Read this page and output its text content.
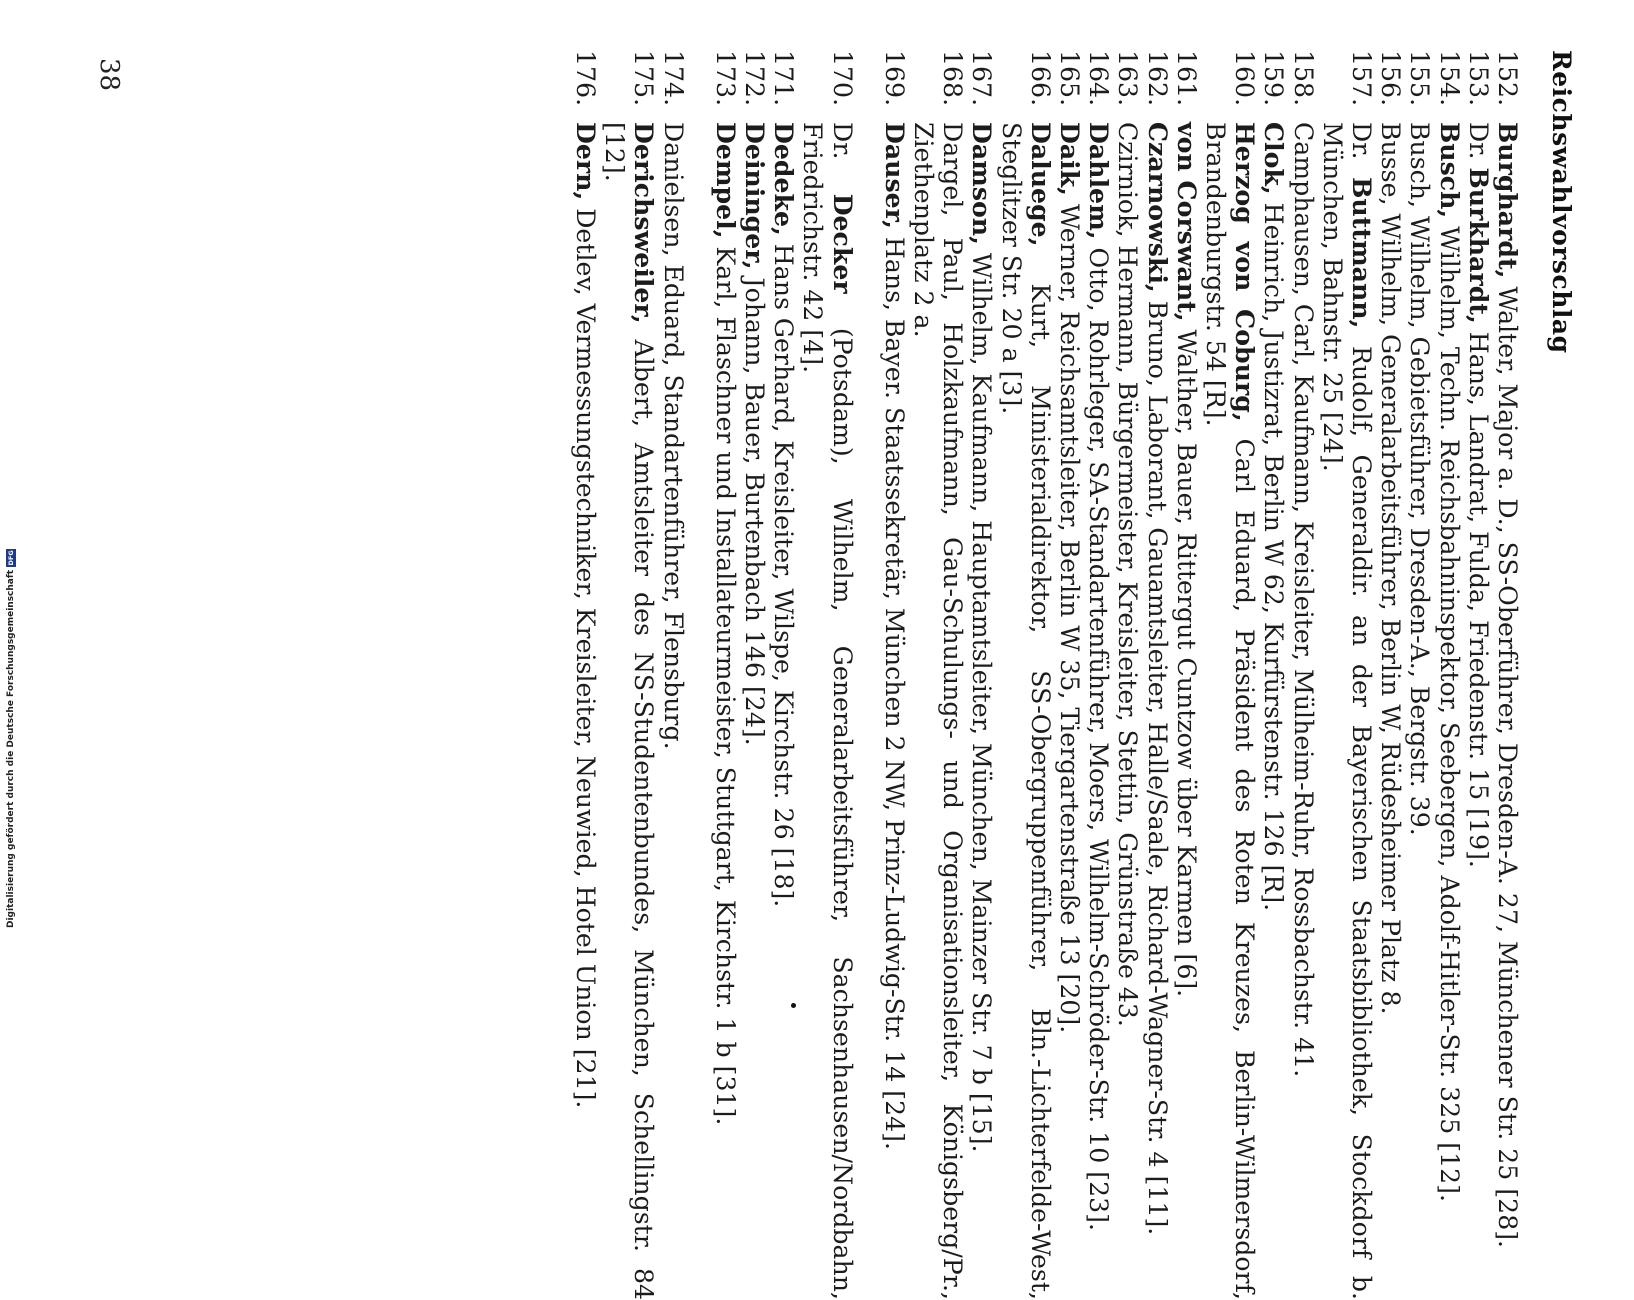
Reichswahlvorschlag
152.
Burghardt, Walter, Major a. D., SS-Oberführer, Dresden-A. 27, Münchener Str. 25 [28].
153.
Dr. Burkhardt, Hans, Landrat, Fulda, Friedenstr. 15 [19].
154.
Busch, Wilhelm, Techn. Reichsbahninspektor, Seebergen, Adolf-Hitler-Str. 325 [12].
155.
Busch, Wilhelm, Gebietsführer, Dresden-A., Bergstr. 39.
156.
Busse, Wilhelm, Generalarbeitsführer, Berlin W, Rüdesheimer Platz 8.
157.
Dr. Buttmann, Rudolf, Generaldir. an der Bayerischen Staatsbibliothek, Stockdorf b. München, Bahnstr. 25 [24].
158.
Camphausen, Carl, Kaufmann, Kreisleiter, Mülheim-Ruhr, Rossbachstr. 41.
159.
Clok, Heinrich, Justizrat, Berlin W 62, Kurfürstenstr. 126 [R].
160.
Herzog von Coburg, Carl Eduard, Präsident des Roten Kreuzes, Berlin-Wilmersdorf, Brandenburgstr. 54 [R].
161.
von Corswant, Walther, Bauer, Rittergut Cuntzow über Karmen [6].
162.
Czarnowski, Bruno, Laborant, Gauamtsleiter, Halle/Saale, Richard-Wagner-Str. 4 [11].
163.
Czirniok, Hermann, Bürgermeister, Kreisleiter, Stettin, Grünstraße 43.
164.
Dahlem, Otto, Rohrleger, SA-Standartenführer, Moers, Wilhelm-Schröder-Str. 10 [23].
165.
Daik, Werner, Reichsamtsleiter, Berlin W 35, Tiergartenstraße 13 [20].
166.
Daluege, Kurt, Ministerialdirektor, SS-Obergruppenführer, Bln.-Lichterfelde-West, Steglitzer Str. 20 a [3].
167.
Damson, Wilhelm, Kaufmann, Hauptamtsleiter, München, Mainzer Str. 7 b [15].
168.
Dargel, Paul, Holzkaufmann, Gau-Schulungs- und Organisationsleiter, Königsberg/Pr., Ziethenplatz 2 a.
169.
Dauser, Hans, Bayer. Staatssekretär, München 2 NW, Prinz-Ludwig-Str. 14 [24].
170.
Dr. Decker (Potsdam), Wilhelm, Generalarbeitsführer, Sachsenhausen/Nordbahn, Friedrichstr. 42 [4].
171.
Dedeke, Hans Gerhard, Kreisleiter, Wilspe, Kirchstr. 26 [18].
172.
Deininger, Johann, Bauer, Burtenbach 146 [24].
173.
Dempel, Karl, Flaschner und Installateurmeister, Stuttgart, Kirchstr. 1 b [31].
174.
Danielsen, Eduard, Standartenführer, Flensburg.
175.
Derichsweiler, Albert, Amtsleiter des NS-Studentenbundes, München, Schellingstr. 84 [12].
176.
Dern, Detlev, Vermessungstechniker, Kreisleiter, Neuwied, Hotel Union [21].
38
Digitalisierung gefördert durch die Deutsche Forschungsgemeinschaft
DFG
